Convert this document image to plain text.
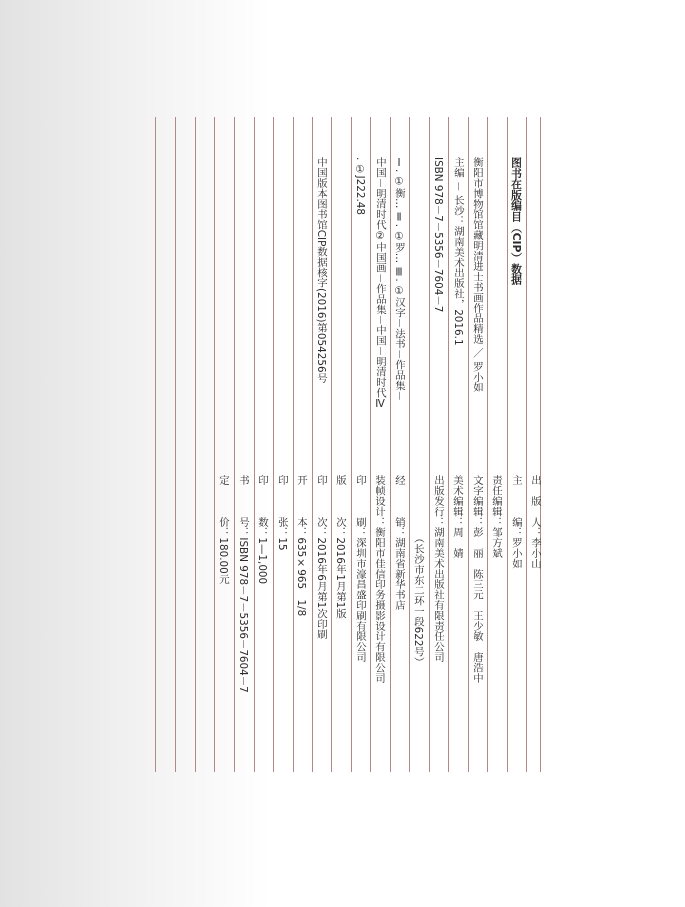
图书在版编目（CIP）数据
衡阳市博物馆馆藏明清进士书画作品精选 ／ 罗小如
主编 － 长沙：湖南美术出版社，2016.1
ISBN 978－7－5356－7604－7
Ⅰ. ①衡… Ⅱ. ①罗… Ⅲ. ①汉字－法书－作品集－
中国－明清时代②中国画－作品集－中国－明清时代Ⅳ
. ①J222.48
中国版本图书馆CIP数据核字(2016)第054256号
出　版　人：李小山
主　　　编：罗小如
责任编辑：邹方斌
文字编辑：彭　丽　陈三元　王少敏　唐浩中
美术编辑：周　婧
出版发行：湖南美术出版社有限责任公司
（长沙市东二环一段622号）
经　　　销：湖南省新华书店
装帧设计：衡阳市佳信印务摄影设计有限公司
印　　　刷：深圳市濠昌盛印刷有限公司
版　　　次：2016年1月第1版
印　　　次：2016年6月第1次印刷
开　　　本：635×965　1/8
印　　　张：15
印　　　数：1—1,000
书　　　号：ISBN 978－7－5356－7604－7
定　　　价：180.00元
